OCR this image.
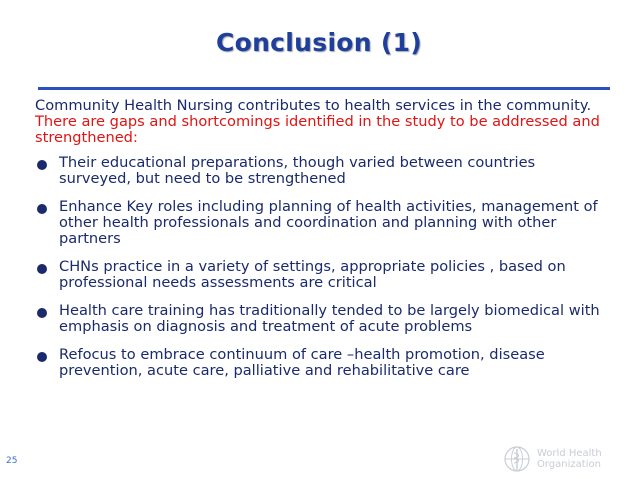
Conclusion (1)

Community Health Nursing contributes to health services in the community. There are gaps and shortcomings identified in the study to be addressed and strengthened:

Their educational preparations, though varied between countries surveyed, but need to be strengthened
Enhance Key roles including planning of health activities, management of other health professionals and coordination and planning with other partners
CHNs practice in a variety of settings, appropriate policies , based on professional needs assessments are critical
Health care training has traditionally tended to be largely biomedical with emphasis on diagnosis and treatment of acute problems
Refocus to embrace continuum of care –health promotion, disease prevention, acute care, palliative and rehabilitative care
25
World Health
Organization
